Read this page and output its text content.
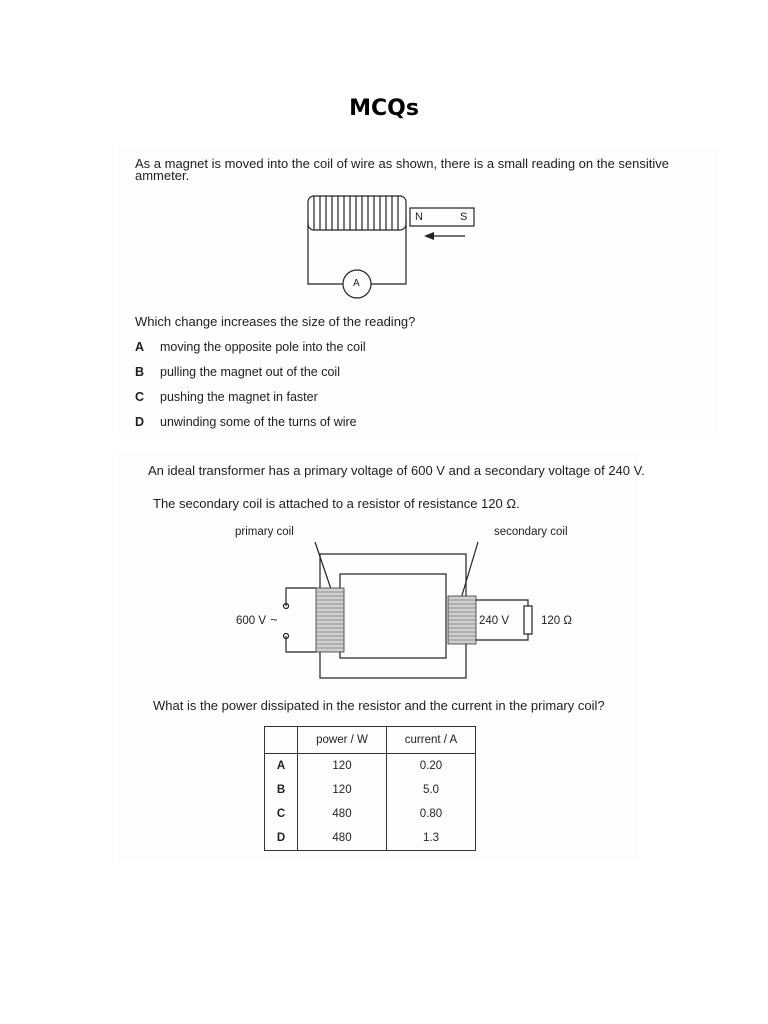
MCQs
As a magnet is moved into the coil of wire as shown, there is a small reading on the sensitive
ammeter.
N	S
A
Which change increases the size of the reading?
A moving the opposite pole into the coil
B pulling the magnet out of the coil
C pushing the magnet in faster
D unwinding some of the turns of wire
An ideal transformer has a primary voltage of 600 V and a secondary voltage of 240 V.
The secondary coil is attached to a resistor of resistance 120 Ω.
primary coil	secondary coil
600 V ~	240 V	120 Ω
What is the power dissipated in the resistor and the current in the primary coil?
	power / W	current / A
A	120	0.20
B	120	5.0
C	480	0.80
D	480	1.3
